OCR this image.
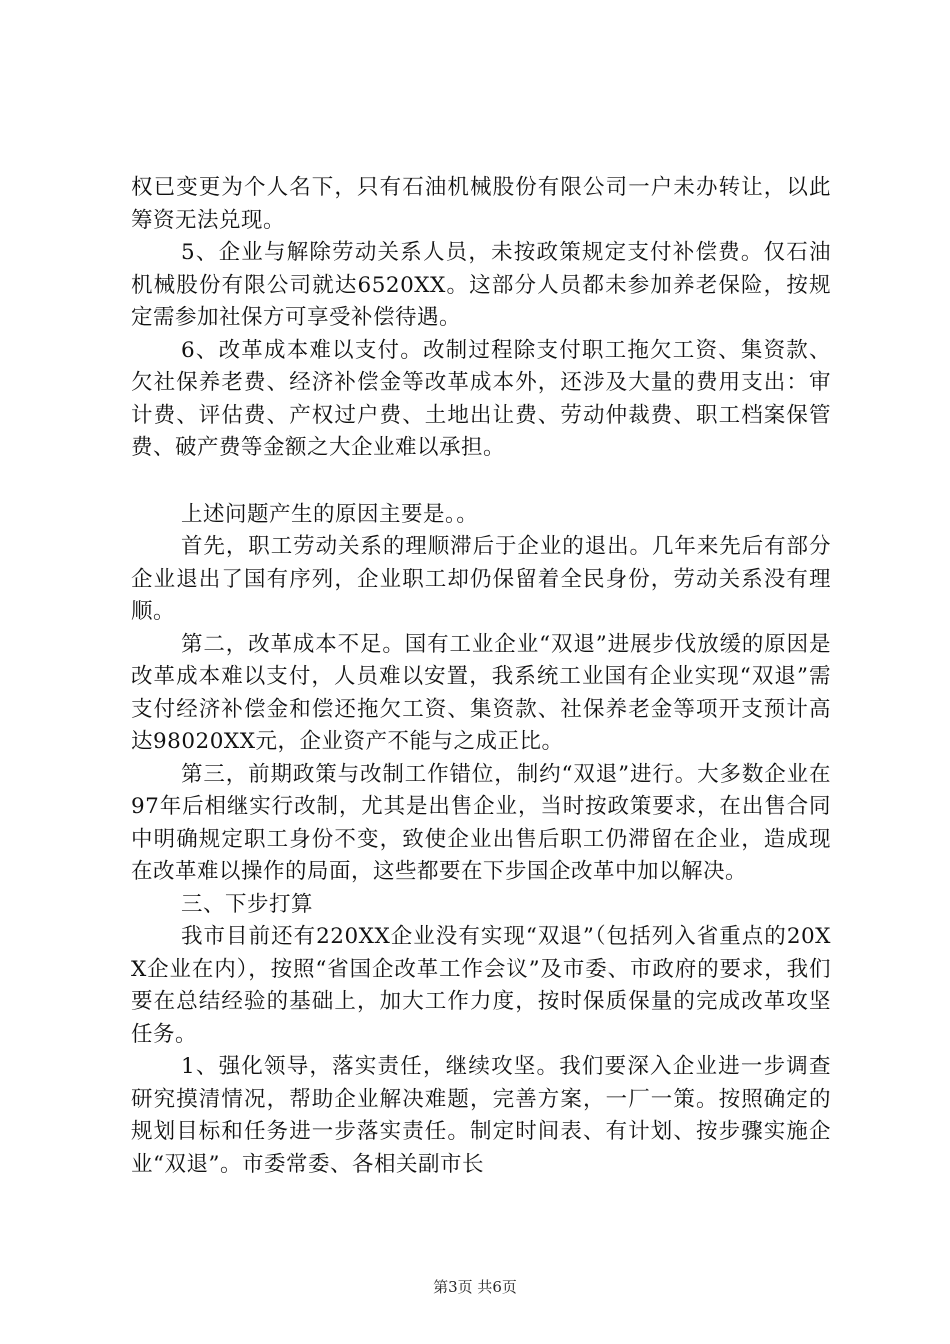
权已变更为个人名下，只有石油机械股份有限公司一户未办转让，以此筹资无法兑现。

5、企业与解除劳动关系人员，未按政策规定支付补偿费。仅石油机械股份有限公司就达6520XX。这部分人员都未参加养老保险，按规定需参加社保方可享受补偿待遇。

6、改革成本难以支付。改制过程除支付职工拖欠工资、集资款、欠社保养老费、经济补偿金等改革成本外，还涉及大量的费用支出：审计费、评估费、产权过户费、土地出让费、劳动仲裁费、职工档案保管费、破产费等金额之大企业难以承担。

上述问题产生的原因主要是。。

首先，职工劳动关系的理顺滞后于企业的退出。几年来先后有部分企业退出了国有序列，企业职工却仍保留着全民身份，劳动关系没有理顺。

第二，改革成本不足。国有工业企业“双退”进展步伐放缓的原因是改革成本难以支付，人员难以安置，我系统工业国有企业实现“双退”需支付经济补偿金和偿还拖欠工资、集资款、社保养老金等项开支预计高达98020XX元，企业资产不能与之成正比。

第三，前期政策与改制工作错位，制约“双退”进行。大多数企业在97年后相继实行改制，尤其是出售企业，当时按政策要求，在出售合同中明确规定职工身份不变，致使企业出售后职工仍滞留在企业，造成现在改革难以操作的局面，这些都要在下步国企改革中加以解决。

三、下步打算

我市目前还有220XX企业没有实现“双退”（包括列入省重点的20XX企业在内），按照“省国企改革工作会议”及市委、市政府的要求，我们要在总结经验的基础上，加大工作力度，按时保质保量的完成改革攻坚任务。

1、强化领导，落实责任，继续攻坚。我们要深入企业进一步调查研究摸清情况，帮助企业解决难题，完善方案，一厂一策。按照确定的规划目标和任务进一步落实责任。制定时间表、有计划、按步骤实施企业“双退”。市委常委、各相关副市长

第3页 共6页
